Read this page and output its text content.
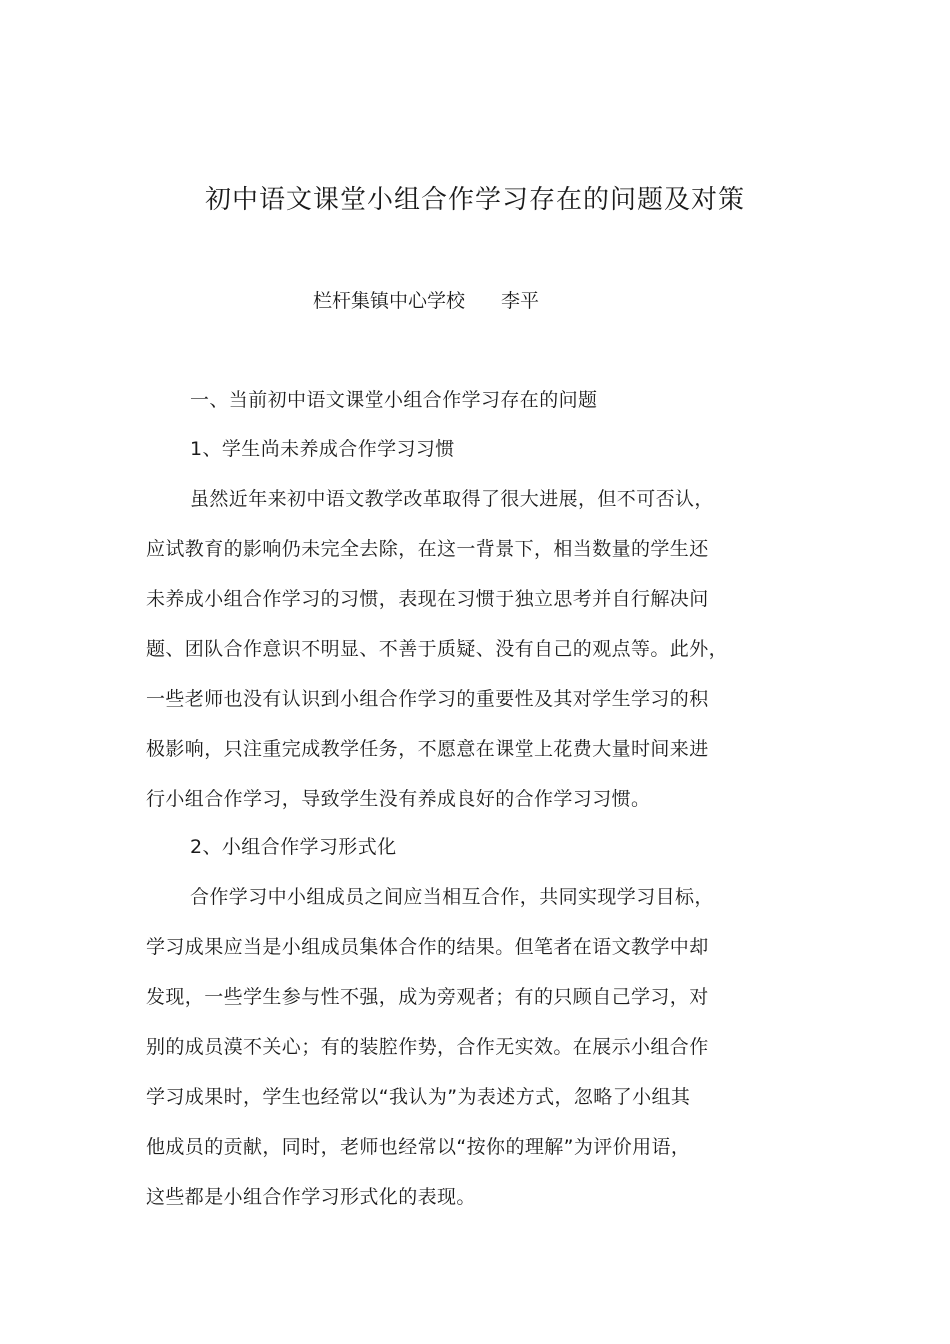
初中语文课堂小组合作学习存在的问题及对策
栏杆集镇中心学校 李平
一、当前初中语文课堂小组合作学习存在的问题
1、学生尚未养成合作学习习惯
虽然近年来初中语文教学改革取得了很大进展，但不可否认，
应试教育的影响仍未完全去除，在这一背景下，相当数量的学生还
未养成小组合作学习的习惯，表现在习惯于独立思考并自行解决问
题、团队合作意识不明显、不善于质疑、没有自己的观点等。此外，
一些老师也没有认识到小组合作学习的重要性及其对学生学习的积
极影响，只注重完成教学任务，不愿意在课堂上花费大量时间来进
行小组合作学习，导致学生没有养成良好的合作学习习惯。
2、小组合作学习形式化
合作学习中小组成员之间应当相互合作，共同实现学习目标，
学习成果应当是小组成员集体合作的结果。但笔者在语文教学中却
发现，一些学生参与性不强，成为旁观者；有的只顾自己学习，对
别的成员漠不关心；有的装腔作势，合作无实效。在展示小组合作
学习成果时，学生也经常以“我认为”为表述方式，忽略了小组其
他成员的贡献，同时，老师也经常以“按你的理解”为评价用语，
这些都是小组合作学习形式化的表现。
